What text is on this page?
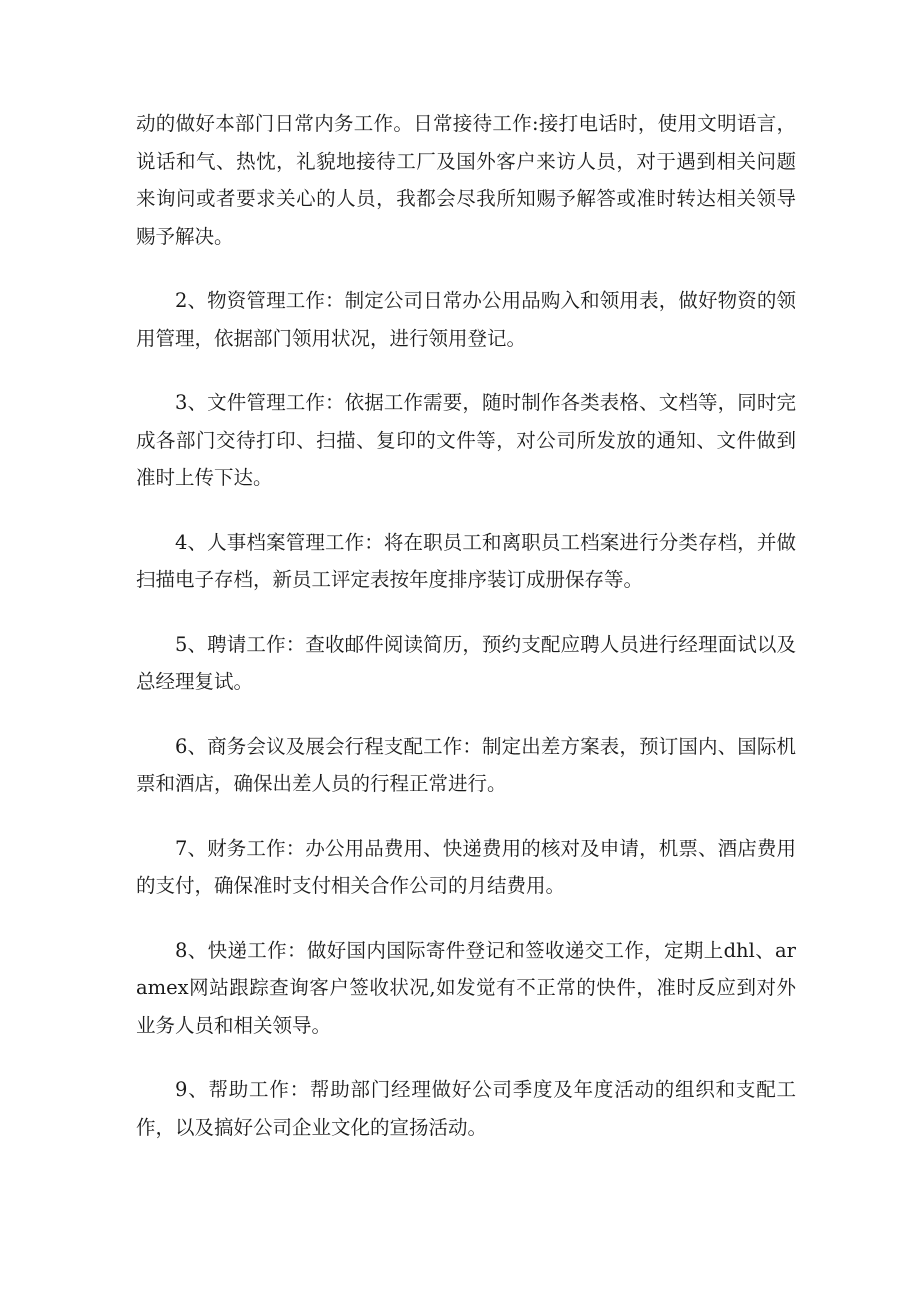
动的做好本部门日常内务工作。日常接待工作:接打电话时，使用文明语言，说话和气、热忱，礼貌地接待工厂及国外客户来访人员，对于遇到相关问题来询问或者要求关心的人员，我都会尽我所知赐予解答或准时转达相关领导赐予解决。

2、物资管理工作：制定公司日常办公用品购入和领用表，做好物资的领用管理，依据部门领用状况，进行领用登记。

3、文件管理工作：依据工作需要，随时制作各类表格、文档等，同时完成各部门交待打印、扫描、复印的文件等，对公司所发放的通知、文件做到准时上传下达。

4、人事档案管理工作：将在职员工和离职员工档案进行分类存档，并做扫描电子存档，新员工评定表按年度排序装订成册保存等。

5、聘请工作：查收邮件阅读简历，预约支配应聘人员进行经理面试以及总经理复试。

6、商务会议及展会行程支配工作：制定出差方案表，预订国内、国际机票和酒店，确保出差人员的行程正常进行。

7、财务工作：办公用品费用、快递费用的核对及申请，机票、酒店费用的支付，确保准时支付相关合作公司的月结费用。

8、快递工作：做好国内国际寄件登记和签收递交工作，定期上dhl、aramex网站跟踪查询客户签收状况,如发觉有不正常的快件，准时反应到对外业务人员和相关领导。

9、帮助工作：帮助部门经理做好公司季度及年度活动的组织和支配工作，以及搞好公司企业文化的宣扬活动。
